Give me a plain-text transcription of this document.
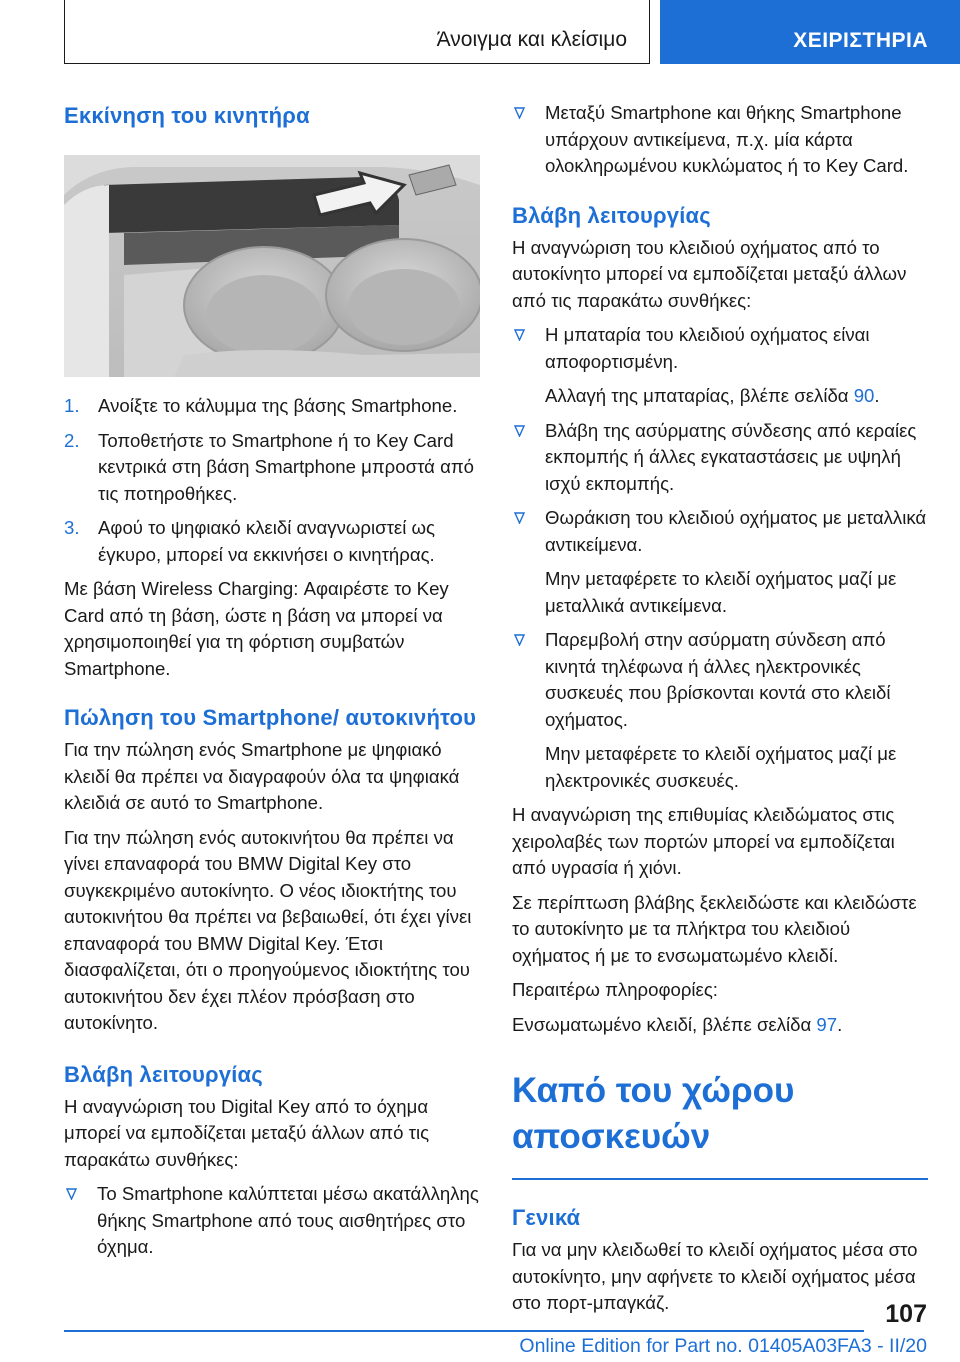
Άνοιγμα και κλείσιμο	ΧΕΙΡΙΣΤΗΡΙΑ
Εκκίνηση του κινητήρα
1. Ανοίξτε το κάλυμμα της βάσης Smartphone.
2. Τοποθετήστε το Smartphone ή το Key Card κεντρικά στη βάση Smartphone μπροστά από τις ποτηροθήκες.
3. Αφού το ψηφιακό κλειδί αναγνωριστεί ως έγκυρο, μπορεί να εκκινήσει ο κινητήρας.

Με βάση Wireless Charging: Αφαιρέστε το Key Card από τη βάση, ώστε η βάση να μπορεί να χρησιμοποιηθεί για τη φόρτιση συμβατών Smartphone.

Πώληση του Smartphone/ αυτοκινήτου

Για την πώληση ενός Smartphone με ψηφιακό κλειδί θα πρέπει να διαγραφούν όλα τα ψηφιακά κλειδιά σε αυτό το Smartphone.

Για την πώληση ενός αυτοκινήτου θα πρέπει να γίνει επαναφορά του BMW Digital Key στο συγκεκριμένο αυτοκίνητο. Ο νέος ιδιοκτήτης του αυτοκινήτου θα πρέπει να βεβαιωθεί, ότι έχει γίνει επαναφορά του BMW Digital Key. Έτσι διασφαλίζεται, ότι ο προηγούμενος ιδιοκτήτης του αυτοκινήτου δεν έχει πλέον πρόσβαση στο αυτοκίνητο.

Βλάβη λειτουργίας

Η αναγνώριση του Digital Key από το όχημα μπορεί να εμποδίζεται μεταξύ άλλων από τις παρακάτω συνθήκες:

Το Smartphone καλύπτεται μέσω ακατάλληλης θήκης Smartphone από τους αισθητήρες στο όχημα.
Μεταξύ Smartphone και θήκης Smartphone υπάρχουν αντικείμενα, π.χ. μία κάρτα ολοκληρωμένου κυκλώματος ή το Key Card.
Βλάβη λειτουργίας

Η αναγνώριση του κλειδιού οχήματος από το αυτοκίνητο μπορεί να εμποδίζεται μεταξύ άλλων από τις παρακάτω συνθήκες:

Η μπαταρία του κλειδιού οχήματος είναι αποφορτισμένη.
Αλλαγή της μπαταρίας, βλέπε σελίδα 90.
Βλάβη της ασύρματης σύνδεσης από κεραίες εκπομπής ή άλλες εγκαταστάσεις με υψηλή ισχύ εκπομπής.
Θωράκιση του κλειδιού οχήματος με μεταλλικά αντικείμενα.
Μην μεταφέρετε το κλειδί οχήματος μαζί με μεταλλικά αντικείμενα.
Παρεμβολή στην ασύρματη σύνδεση από κινητά τηλέφωνα ή άλλες ηλεκτρονικές συσκευές που βρίσκονται κοντά στο κλειδί οχήματος.
Μην μεταφέρετε το κλειδί οχήματος μαζί με ηλεκτρονικές συσκευές.

Η αναγνώριση της επιθυμίας κλειδώματος στις χειρολαβές των πορτών μπορεί να εμποδίζεται από υγρασία ή χιόνι.

Σε περίπτωση βλάβης ξεκλειδώστε και κλειδώστε το αυτοκίνητο με τα πλήκτρα του κλειδιού οχήματος ή με το ενσωματωμένο κλειδί.

Περαιτέρω πληροφορίες:

Ενσωματωμένο κλειδί, βλέπε σελίδα 97.

Καπό του χώρου αποσκευών
Γενικά

Για να μην κλειδωθεί το κλειδί οχήματος μέσα στο αυτοκίνητο, μην αφήνετε το κλειδί οχήματος μέσα στο πορτ-μπαγκάζ.	107
Online Edition for Part no. 01405A03FA3 - II/20
